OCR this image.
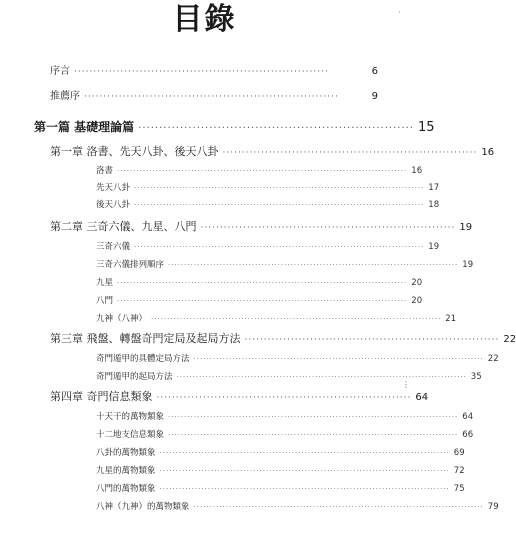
目錄
序言 ··································································	6
推薦序 ··································································	9
第一篇 基礎理論篇 ·································································· 15
第一章 洛書、先天八卦、後天八卦 ·································································· 16
洛書 ·························································································· 16
先天八卦 ·························································································· 17
後天八卦 ·························································································· 18
第二章 三奇六儀、九星、八門 ·································································· 19
三奇六儀 ·························································································· 19
三奇六儀排列順序 ·························································································· 19
九星 ·························································································· 20
八門 ·························································································· 20
九神（八神） ·························································································· 21
第三章 飛盤、轉盤奇門定局及起局方法 ·································································· 22
奇門遁甲的具體定局方法 ·························································································· 22
奇門遁甲的起局方法 ·························································································· 35
第四章 奇門信息類象 ·································································· 64
十天干的萬物類象 ·························································································· 64
十二地支信息類象 ·························································································· 66
八卦的萬物類象 ·························································································· 69
九星的萬物類象 ·························································································· 72
八門的萬物類象 ·························································································· 75
八神（九神）的萬物類象 ·························································································· 79
·
⋮
